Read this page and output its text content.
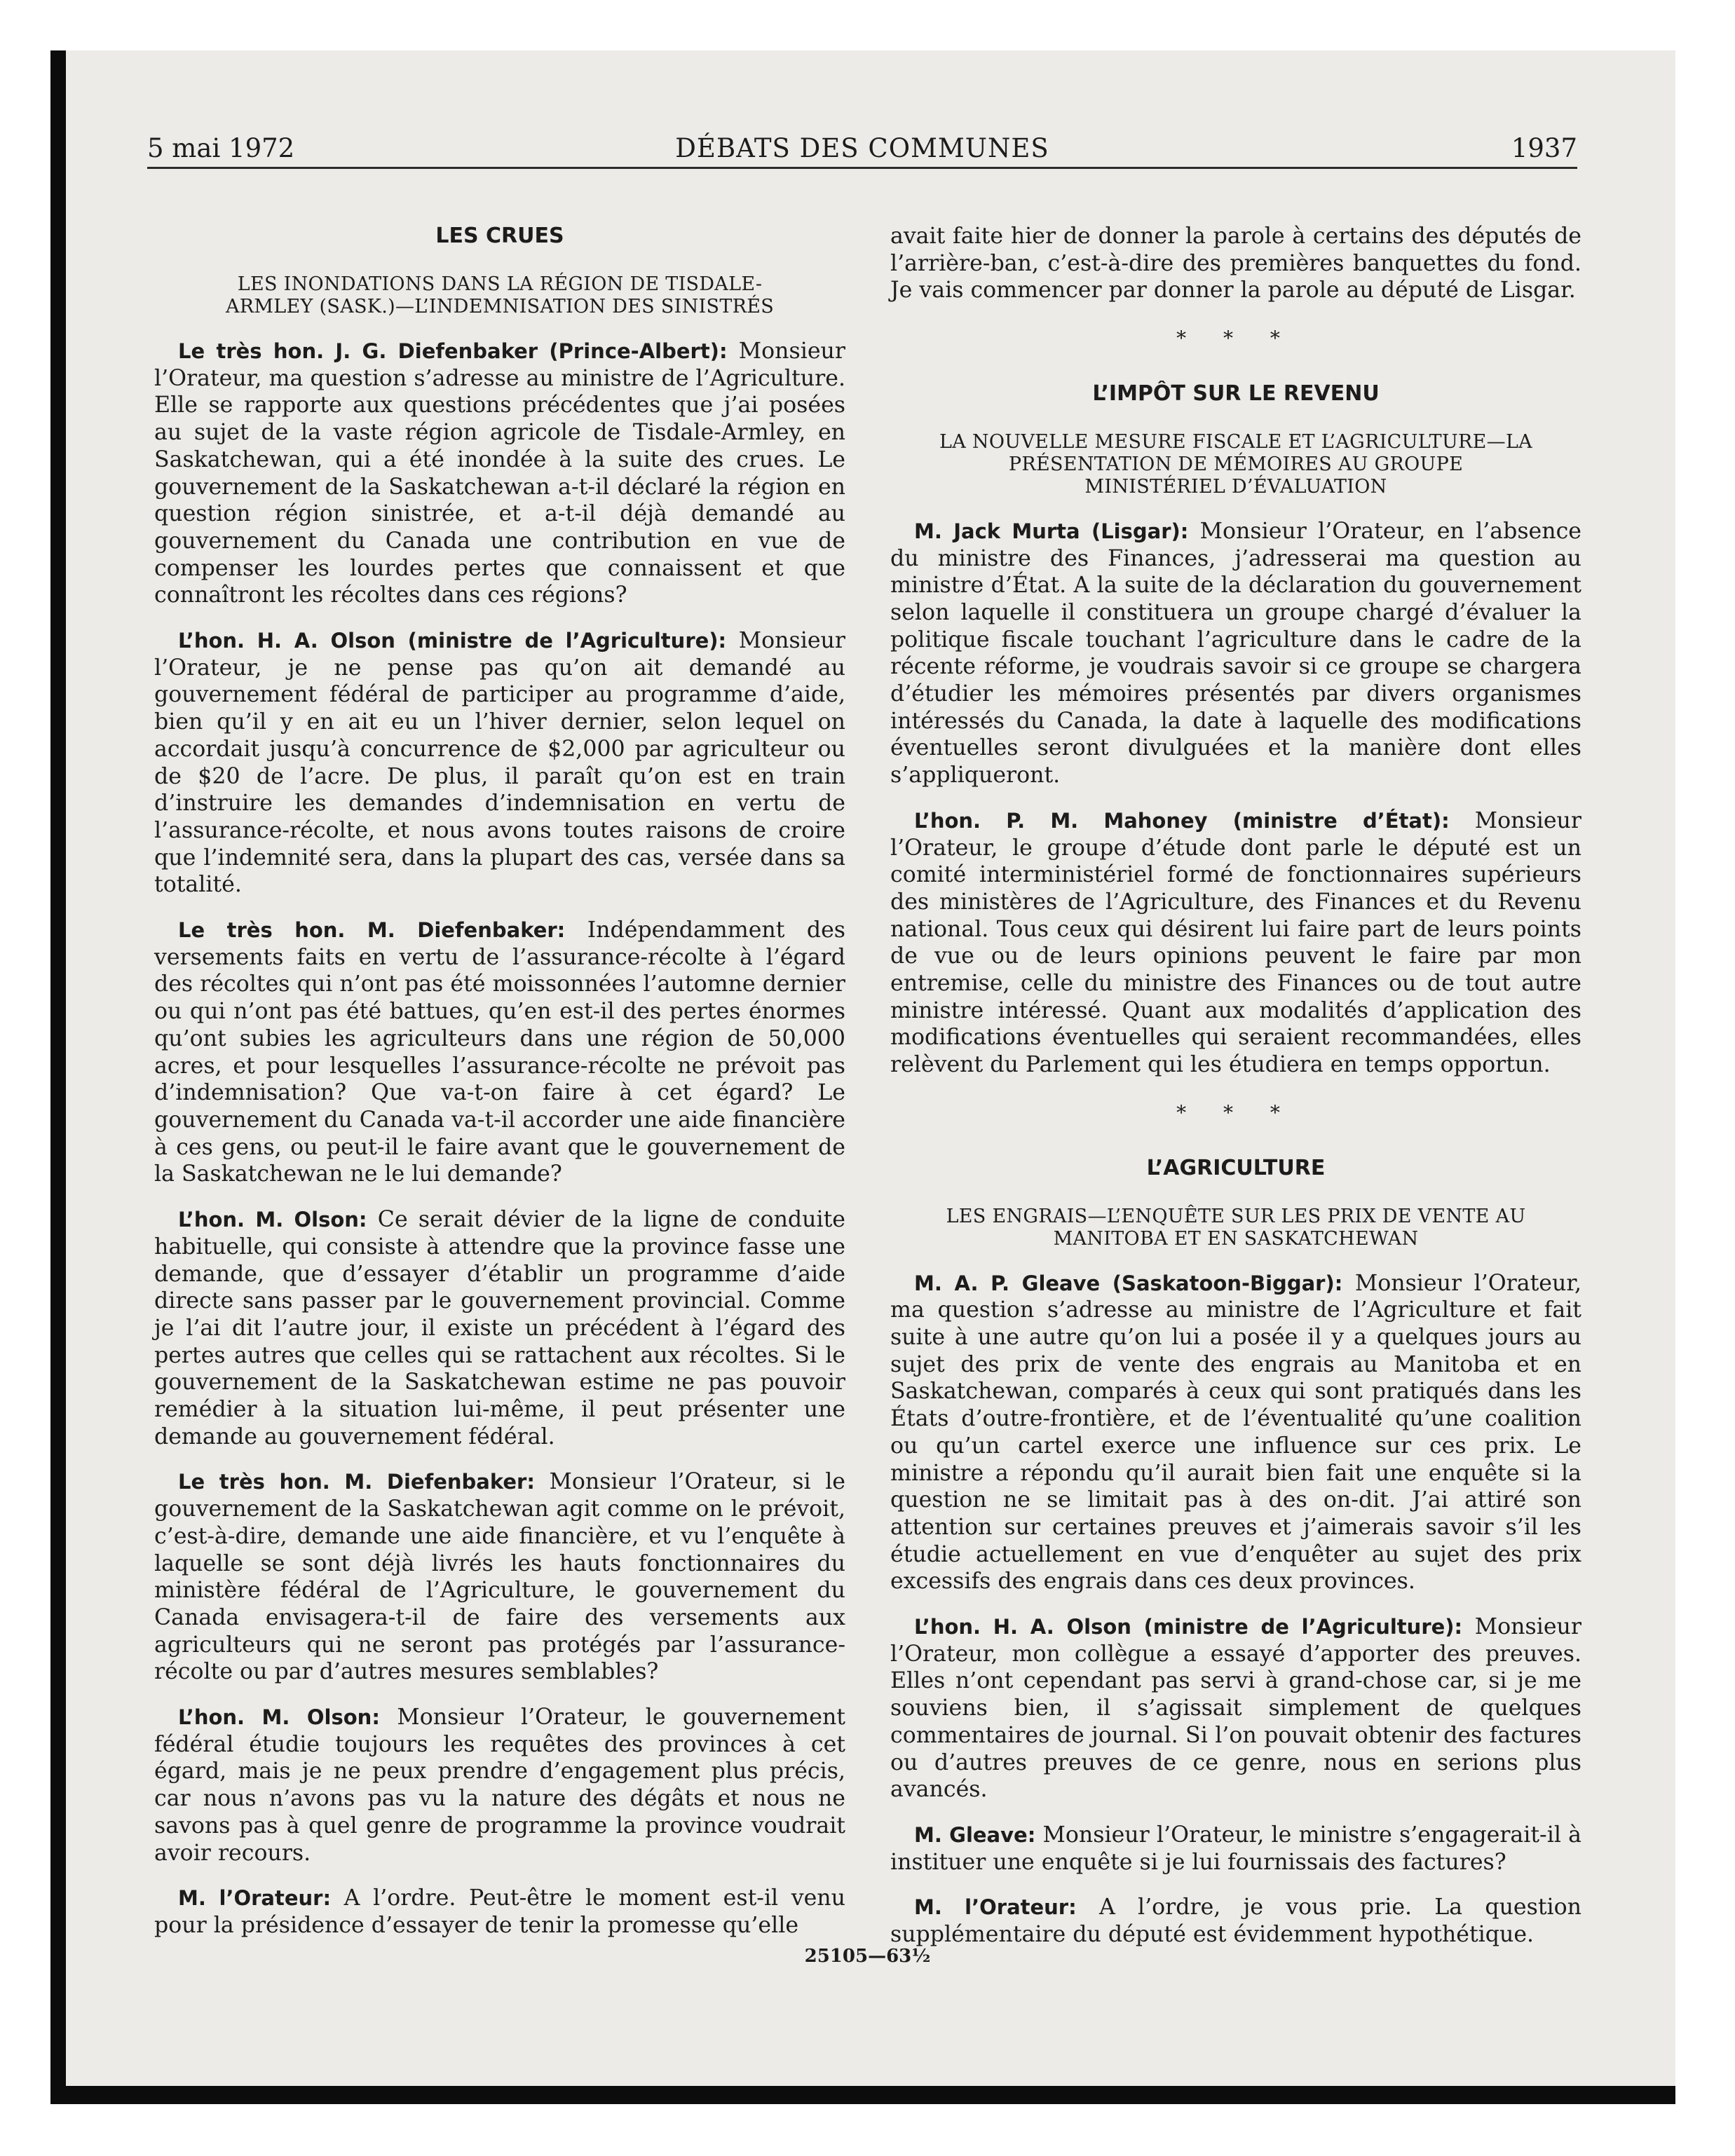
5 mai 1972	DÉBATS DES COMMUNES	1937
LES CRUES
LES INONDATIONS DANS LA RÉGION DE TISDALE-ARMLEY (SASK.)—L’INDEMNISATION DES SINISTRÉS
Le très hon. J. G. Diefenbaker (Prince-Albert): Monsieur l’Orateur, ma question s’adresse au ministre de l’Agriculture. Elle se rapporte aux questions précédentes que j’ai posées au sujet de la vaste région agricole de Tisdale-Armley, en Saskatchewan, qui a été inondée à la suite des crues. Le gouvernement de la Saskatchewan a-t-il déclaré la région en question région sinistrée, et a-t-il déjà demandé au gouvernement du Canada une contribution en vue de compenser les lourdes pertes que connaissent et que connaîtront les récoltes dans ces régions?
L’hon. H. A. Olson (ministre de l’Agriculture): Monsieur l’Orateur, je ne pense pas qu’on ait demandé au gouvernement fédéral de participer au programme d’aide, bien qu’il y en ait eu un l’hiver dernier, selon lequel on accordait jusqu’à concurrence de $2,000 par agriculteur ou de $20 de l’acre. De plus, il paraît qu’on est en train d’instruire les demandes d’indemnisation en vertu de l’assurance-récolte, et nous avons toutes raisons de croire que l’indemnité sera, dans la plupart des cas, versée dans sa totalité.
Le très hon. M. Diefenbaker: Indépendamment des versements faits en vertu de l’assurance-récolte à l’égard des récoltes qui n’ont pas été moissonnées l’automne dernier ou qui n’ont pas été battues, qu’en est-il des pertes énormes qu’ont subies les agriculteurs dans une région de 50,000 acres, et pour lesquelles l’assurance-récolte ne prévoit pas d’indemnisation? Que va-t-on faire à cet égard? Le gouvernement du Canada va-t-il accorder une aide financière à ces gens, ou peut-il le faire avant que le gouvernement de la Saskatchewan ne le lui demande?
L’hon. M. Olson: Ce serait dévier de la ligne de conduite habituelle, qui consiste à attendre que la province fasse une demande, que d’essayer d’établir un programme d’aide directe sans passer par le gouvernement provincial. Comme je l’ai dit l’autre jour, il existe un précédent à l’égard des pertes autres que celles qui se rattachent aux récoltes. Si le gouvernement de la Saskatchewan estime ne pas pouvoir remédier à la situation lui-même, il peut présenter une demande au gouvernement fédéral.
Le très hon. M. Diefenbaker: Monsieur l’Orateur, si le gouvernement de la Saskatchewan agit comme on le prévoit, c’est-à-dire, demande une aide financière, et vu l’enquête à laquelle se sont déjà livrés les hauts fonctionnaires du ministère fédéral de l’Agriculture, le gouvernement du Canada envisagera-t-il de faire des versements aux agriculteurs qui ne seront pas protégés par l’assurance-récolte ou par d’autres mesures semblables?
L’hon. M. Olson: Monsieur l’Orateur, le gouvernement fédéral étudie toujours les requêtes des provinces à cet égard, mais je ne peux prendre d’engagement plus précis, car nous n’avons pas vu la nature des dégâts et nous ne savons pas à quel genre de programme la province voudrait avoir recours.
M. l’Orateur: A l’ordre. Peut-être le moment est-il venu pour la présidence d’essayer de tenir la promesse qu’elle
avait faite hier de donner la parole à certains des députés de l’arrière-ban, c’est-à-dire des premières banquettes du fond. Je vais commencer par donner la parole au député de Lisgar.
* * *
L’IMPÔT SUR LE REVENU
LA NOUVELLE MESURE FISCALE ET L’AGRICULTURE—LA PRÉSENTATION DE MÉMOIRES AU GROUPE MINISTÉRIEL D’ÉVALUATION
M. Jack Murta (Lisgar): Monsieur l’Orateur, en l’absence du ministre des Finances, j’adresserai ma question au ministre d’État. A la suite de la déclaration du gouvernement selon laquelle il constituera un groupe chargé d’évaluer la politique fiscale touchant l’agriculture dans le cadre de la récente réforme, je voudrais savoir si ce groupe se chargera d’étudier les mémoires présentés par divers organismes intéressés du Canada, la date à laquelle des modifications éventuelles seront divulguées et la manière dont elles s’appliqueront.
L’hon. P. M. Mahoney (ministre d’État): Monsieur l’Orateur, le groupe d’étude dont parle le député est un comité interministériel formé de fonctionnaires supérieurs des ministères de l’Agriculture, des Finances et du Revenu national. Tous ceux qui désirent lui faire part de leurs points de vue ou de leurs opinions peuvent le faire par mon entremise, celle du ministre des Finances ou de tout autre ministre intéressé. Quant aux modalités d’application des modifications éventuelles qui seraient recommandées, elles relèvent du Parlement qui les étudiera en temps opportun.
* * *
L’AGRICULTURE
LES ENGRAIS—L’ENQUÊTE SUR LES PRIX DE VENTE AU MANITOBA ET EN SASKATCHEWAN
M. A. P. Gleave (Saskatoon-Biggar): Monsieur l’Orateur, ma question s’adresse au ministre de l’Agriculture et fait suite à une autre qu’on lui a posée il y a quelques jours au sujet des prix de vente des engrais au Manitoba et en Saskatchewan, comparés à ceux qui sont pratiqués dans les États d’outre-frontière, et de l’éventualité qu’une coalition ou qu’un cartel exerce une influence sur ces prix. Le ministre a répondu qu’il aurait bien fait une enquête si la question ne se limitait pas à des on-dit. J’ai attiré son attention sur certaines preuves et j’aimerais savoir s’il les étudie actuellement en vue d’enquêter au sujet des prix excessifs des engrais dans ces deux provinces.
L’hon. H. A. Olson (ministre de l’Agriculture): Monsieur l’Orateur, mon collègue a essayé d’apporter des preuves. Elles n’ont cependant pas servi à grand-chose car, si je me souviens bien, il s’agissait simplement de quelques commentaires de journal. Si l’on pouvait obtenir des factures ou d’autres preuves de ce genre, nous en serions plus avancés.
M. Gleave: Monsieur l’Orateur, le ministre s’engagerait-il à instituer une enquête si je lui fournissais des factures?
M. l’Orateur: A l’ordre, je vous prie. La question supplémentaire du député est évidemment hypothétique.
25105—63½
